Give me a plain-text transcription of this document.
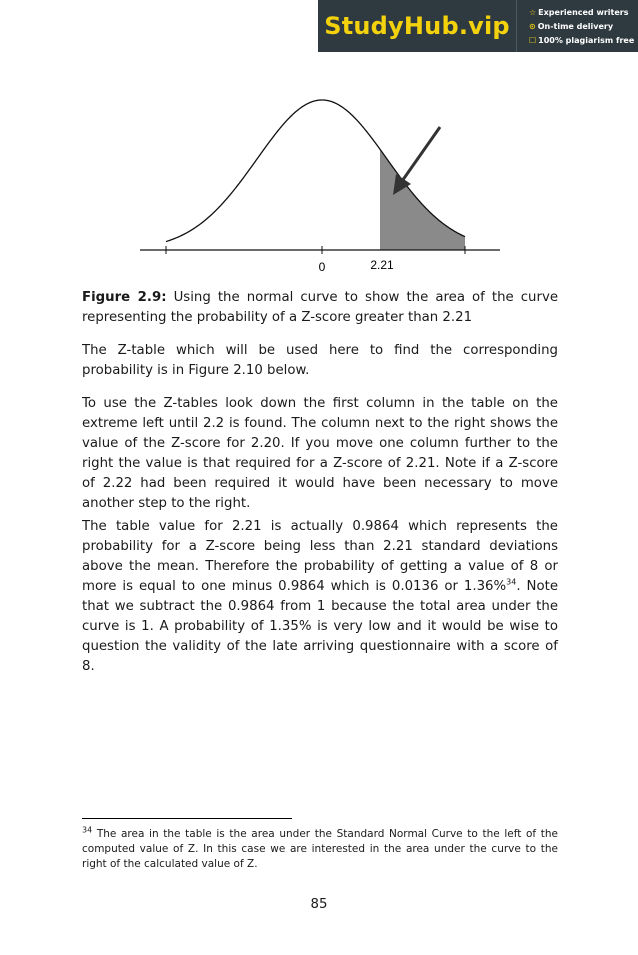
StudyHub.vip ☆ Experienced writers
⊙ On-time delivery
☐ 100% plagiarism free
0	2.21
Figure 2.9: Using the normal curve to show the area of the curve representing the probability of a Z-score greater than 2.21

The Z-table which will be used here to find the corresponding probability is in Figure 2.10 below.

To use the Z-tables look down the first column in the table on the extreme left until 2.2 is found. The column next to the right shows the value of the Z-score for 2.20. If you move one column further to the right the value is that required for a Z-score of 2.21. Note if a Z-score of 2.22 had been required it would have been necessary to move another step to the right.

The table value for 2.21 is actually 0.9864 which represents the probability for a Z-score being less than 2.21 standard deviations above the mean. Therefore the probability of getting a value of 8 or more is equal to one minus 0.9864 which is 0.0136 or 1.36%$^{34}$. Note that we subtract the 0.9864 from 1 because the total area under the curve is 1. A probability of 1.35% is very low and it would be wise to question the validity of the late arriving questionnaire with a score of 8.

$^{34}$ The area in the table is the area under the Standard Normal Curve to the left of the computed value of Z. In this case we are interested in the area under the curve to the right of the calculated value of Z.
85
